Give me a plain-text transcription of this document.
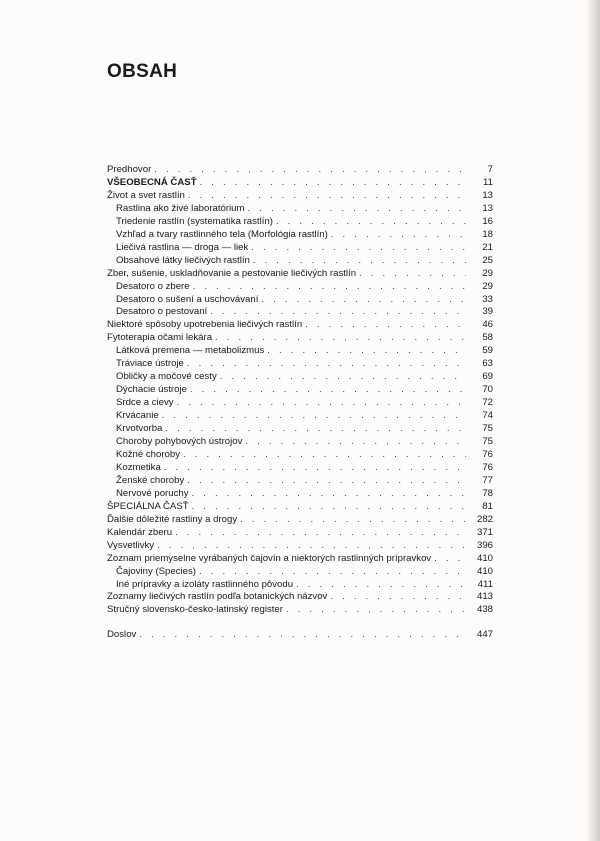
OBSAH
Predhovor . . .	7
VŠEOBECNÁ ČASŤ . . .	11
Život a svet rastlín . . .	13
Rastlina ako živé laboratórium . . .	13
Triedenie rastlín (systematika rastlín) . . .	16
Vzhľad a tvary rastlinného tela (Morfológia rastlín) . . .	18
Liečivá rastlina — droga — liek . . .	21
Obsahové látky liečivých rastlín . . .	25
Zber, sušenie, uskladňovanie a pestovanie liečivých rastlín . . .	29
Desatoro o zbere . . .	29
Desatoro o sušení a uschovávaní . . .	33
Desatoro o pestovaní . . .	39
Niektoré spôsoby upotrebenia liečivých rastlín . . .	46
Fytoterapia očami lekára . . .	58
Látková premena — metabolizmus . . .	59
Tráviace ústroje . . .	63
Obličky a močové cesty . . .	69
Dýchacie ústroje . . .	70
Srdce a cievy . . .	72
Krvácanie . . .	74
Krvotvorba . . .	75
Choroby pohybových ústrojov . . .	75
Kožné choroby . . .	76
Kozmetika . . .	76
Ženské choroby . . .	77
Nervové poruchy . . .	78
ŠPECIÁLNA ČASŤ . . .	81
Ďalšie dôležité rastliny a drogy . . .	282
Kalendár zberu . . .	371
Vysvetlivky . . .	396
Zoznam priemyselne vyrábaných čajovín a niektorých rastlinných prípravkov . . .	410
Čajoviny (Species) . . .	410
Iné prípravky a izoláty rastlinného pôvodu . . .	411
Zoznamy liečivých rastlín podľa botanických názvov . . .	413
Stručný slovensko-česko-latinský register . . .	438
Doslov . . .	447
